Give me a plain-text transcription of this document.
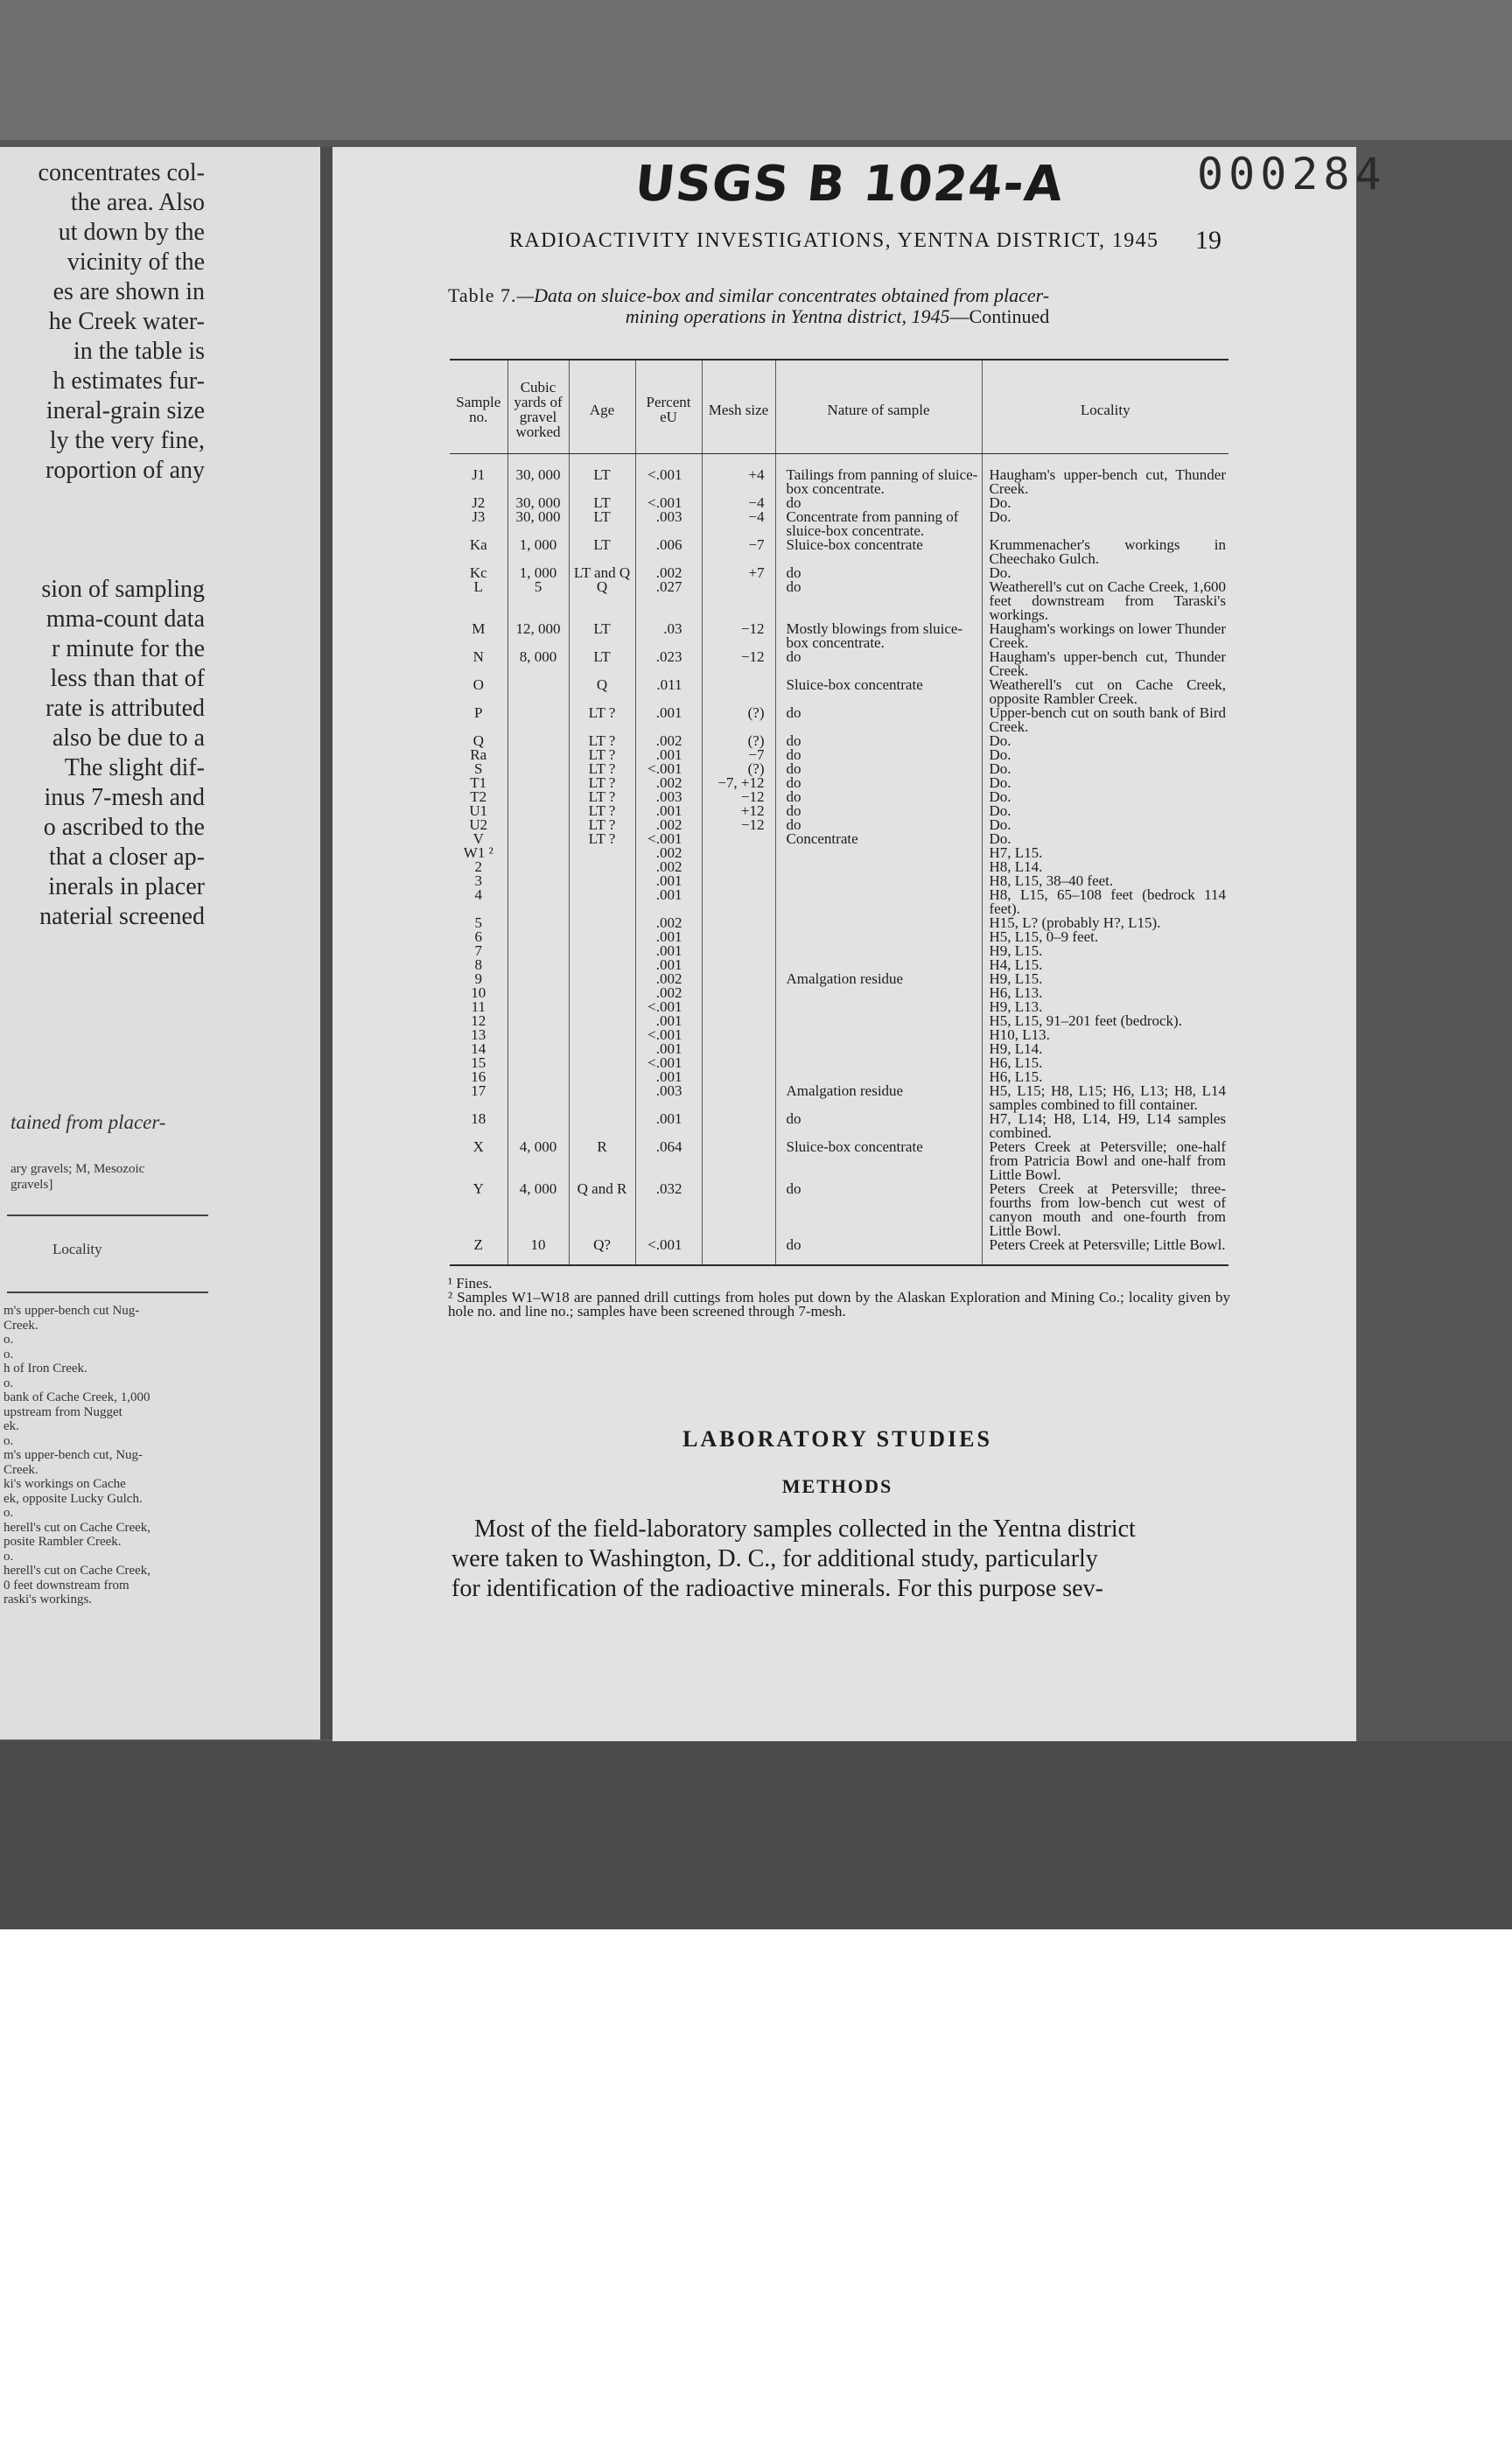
concentrates col-
the area. Also
ut down by the
vicinity of the
es are shown in
he Creek water-
in the table is
h estimates fur-
ineral-grain size
ly the very fine,
roportion of any
sion of sampling
mma-count data
r minute for the
less than that of
rate is attributed
also be due to a
The slight dif-
inus 7-mesh and
o ascribed to the
that a closer ap-
inerals in placer
naterial screened
tained from placer-
ary gravels; M, Mesozoic
gravels]
Locality
m's upper-bench cut Nug-
Creek.
o.
o.
h of Iron Creek.
o.
bank of Cache Creek, 1,000
upstream from Nugget
ek.
o.
m's upper-bench cut, Nug-
Creek.
ki's workings on Cache
ek, opposite Lucky Gulch.
o.
herell's cut on Cache Creek,
posite Rambler Creek.
o.
herell's cut on Cache Creek,
0 feet downstream from
raski's workings.
000284
USGS B 1024-A
RADIOACTIVITY INVESTIGATIONS, YENTNA DISTRICT, 1945 19
Table 7.—Data on sluice-box and similar concentrates obtained from placer-
mining operations in Yentna district, 1945—Continued
Sample no.	Cubic yards of gravel worked	Age	Percent eU	Mesh size	Nature of sample	Locality
J1	30, 000	LT	<.001	+4	Tailings from panning of sluice-box concentrate.	Haugham's upper-bench cut, Thunder Creek.
J2	30, 000	LT	<.001	−4	do	Do.
J3	30, 000	LT	.003	−4	Concentrate from panning of sluice-box concentrate.	Do.
Ka	1, 000	LT	.006	−7	Sluice-box concentrate	Krummenacher's workings in Cheechako Gulch.
Kc	1, 000	LT and Q	.002	+7	do	Do.
L	5	Q	.027		do	Weatherell's cut on Cache Creek, 1,600 feet downstream from Taraski's workings.
M	12, 000	LT	.03	−12	Mostly blowings from sluice-box concentrate.	Haugham's workings on lower Thunder Creek.
N	8, 000	LT	.023	−12	do	Haugham's upper-bench cut, Thunder Creek.
O		Q	.011		Sluice-box concentrate	Weatherell's cut on Cache Creek, opposite Rambler Creek.
P		LT ?	.001	(?)	do	Upper-bench cut on south bank of Bird Creek.
Q		LT ?	.002	(?)	do	Do.
Ra		LT ?	.001	−7	do	Do.
S		LT ?	<.001	(?)	do	Do.
T1		LT ?	.002	−7, +12	do	Do.
T2		LT ?	.003	−12	do	Do.
U1		LT ?	.001	+12	do	Do.
U2		LT ?	.002	−12	do	Do.
V		LT ?	<.001		Concentrate	Do.
W1 ²			.002			H7, L15.
2			.002			H8, L14.
3			.001			H8, L15, 38–40 feet.
4			.001			H8, L15, 65–108 feet (bedrock 114 feet).
5			.002			H15, L? (probably H?, L15).
6			.001			H5, L15, 0–9 feet.
7			.001			H9, L15.
8			.001			H4, L15.
9			.002		Amalgation residue	H9, L15.
10			.002			H6, L13.
11			<.001			H9, L13.
12			.001			H5, L15, 91–201 feet (bedrock).
13			<.001			H10, L13.
14			.001			H9, L14.
15			<.001			H6, L15.
16			.001			H6, L15.
17			.003		Amalgation residue	H5, L15; H8, L15; H6, L13; H8, L14 samples combined to fill container.
18			.001		do	H7, L14; H8, L14, H9, L14 samples combined.
X	4, 000	R	.064		Sluice-box concentrate	Peters Creek at Petersville; one-half from Patricia Bowl and one-half from Little Bowl.
Y	4, 000	Q and R	.032		do	Peters Creek at Petersville; three-fourths from low-bench cut west of canyon mouth and one-fourth from Little Bowl.
Z	10	Q?	<.001		do	Peters Creek at Petersville; Little Bowl.
¹ Fines.
² Samples W1–W18 are panned drill cuttings from holes put down by the Alaskan Exploration and Mining Co.; locality given by hole no. and line no.; samples have been screened through 7-mesh.
LABORATORY STUDIES
METHODS
Most of the field-laboratory samples collected in the Yentna district
were taken to Washington, D. C., for additional study, particularly
for identification of the radioactive minerals. For this purpose sev-
